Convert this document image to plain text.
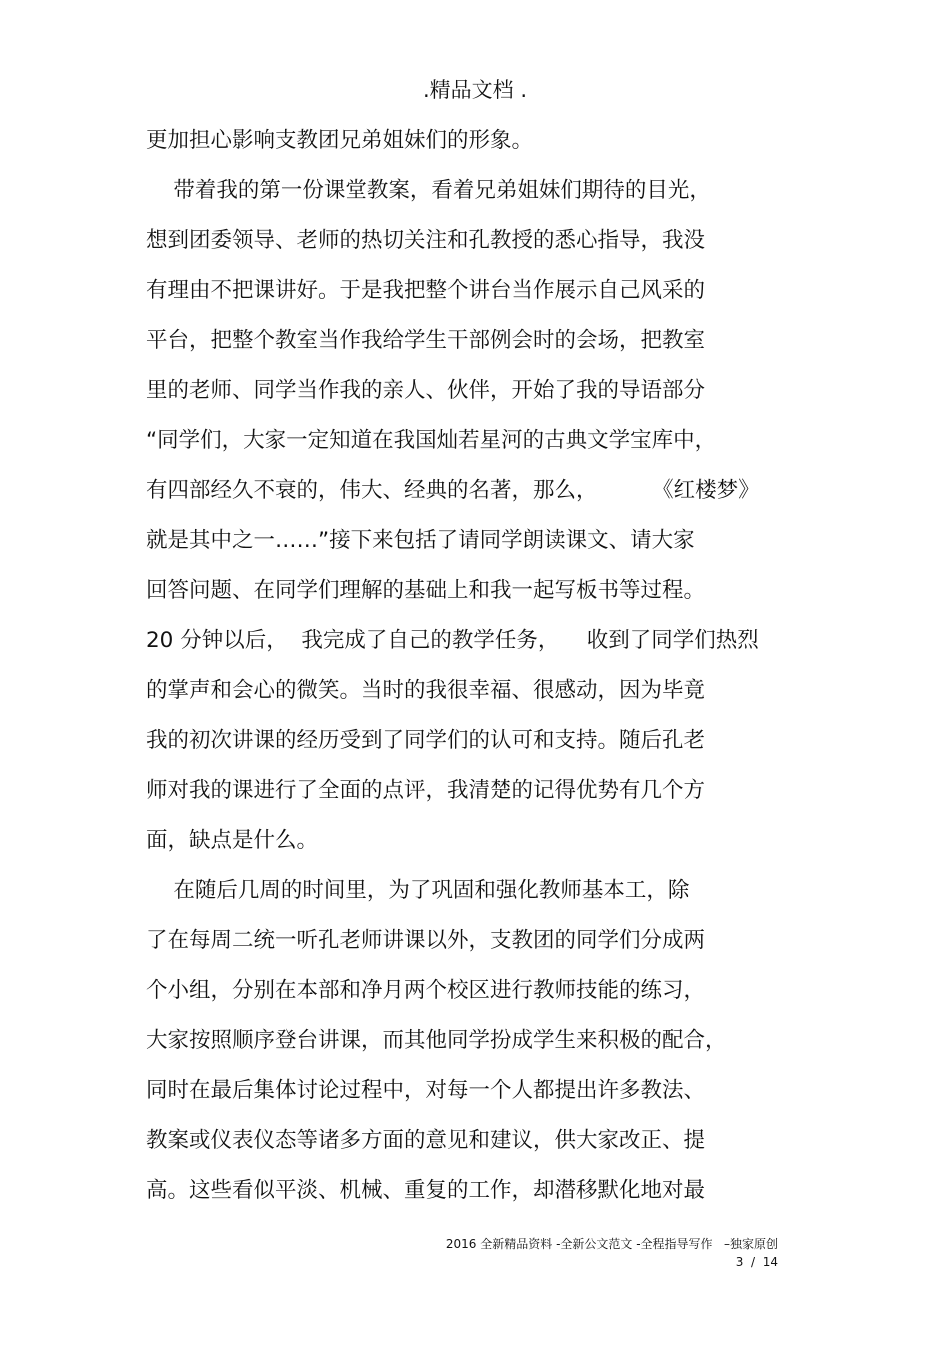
.精品文档 .
更加担心影响支教团兄弟姐妹们的形象。
带着我的第一份课堂教案，看着兄弟姐妹们期待的目光，
想到团委领导、老师的热切关注和孔教授的悉心指导，我没
有理由不把课讲好。于是我把整个讲台当作展示自己风采的
平台，把整个教室当作我给学生干部例会时的会场，把教室
里的老师、同学当作我的亲人、伙伴，开始了我的导语部分
“同学们，大家一定知道在我国灿若星河的古典文学宝库中，
有四部经久不衰的，伟大、经典的名著，那么，        《红楼梦》
就是其中之一……”接下来包括了请同学朗读课文、请大家
回答问题、在同学们理解的基础上和我一起写板书等过程。
20 分钟以后，  我完成了自己的教学任务，    收到了同学们热烈
的掌声和会心的微笑。当时的我很幸福、很感动，因为毕竟
我的初次讲课的经历受到了同学们的认可和支持。随后孔老
师对我的课进行了全面的点评，我清楚的记得优势有几个方
面，缺点是什么。
在随后几周的时间里，为了巩固和强化教师基本工，除
了在每周二统一听孔老师讲课以外，支教团的同学们分成两
个小组，分别在本部和净月两个校区进行教师技能的练习，
大家按照顺序登台讲课，而其他同学扮成学生来积极的配合，
同时在最后集体讨论过程中，对每一个人都提出许多教法、
教案或仪表仪态等诸多方面的意见和建议，供大家改正、提
高。这些看似平淡、机械、重复的工作，却潜移默化地对最
2016 全新精品资料 -全新公文范文 -全程指导写作   –独家原创
3  /  14
